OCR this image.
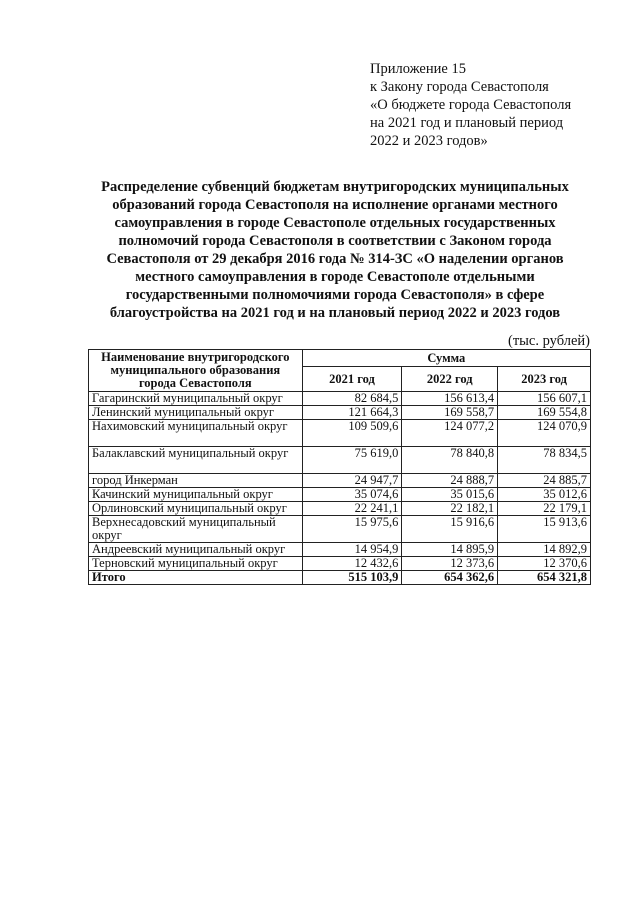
Приложение 15
к Закону города Севастополя
«О бюджете города Севастополя
на 2021 год и плановый период
2022 и 2023 годов»
Распределение субвенций бюджетам внутригородских муниципальных
образований города Севастополя на исполнение органами местного
самоуправления в городе Севастополе отдельных государственных
полномочий города Севастополя в соответствии с Законом города
Севастополя от 29 декабря 2016 года № 314-ЗС «О наделении органов
местного самоуправления в городе Севастополе отдельными
государственными полномочиями города Севастополя» в сфере
благоустройства на 2021 год и на плановый период 2022 и 2023 годов
(тыс. рублей)
Наименование внутригородского муниципального образования города Севастополя	Сумма		
	2021 год	2022 год	2023 год
Гагаринский муниципальный округ	82 684,5	156 613,4	156 607,1
Ленинский муниципальный округ	121 664,3	169 558,7	169 554,8
Нахимовский муниципальный округ	109 509,6	124 077,2	124 070,9
Балаклавский муниципальный округ	75 619,0	78 840,8	78 834,5
город Инкерман	24 947,7	24 888,7	24 885,7
Качинский муниципальный округ	35 074,6	35 015,6	35 012,6
Орлиновский муниципальный округ	22 241,1	22 182,1	22 179,1
Верхнесадовский муниципальный округ	15 975,6	15 916,6	15 913,6
Андреевский муниципальный округ	14 954,9	14 895,9	14 892,9
Терновский муниципальный округ	12 432,6	12 373,6	12 370,6
Итого	515 103,9	654 362,6	654 321,8
